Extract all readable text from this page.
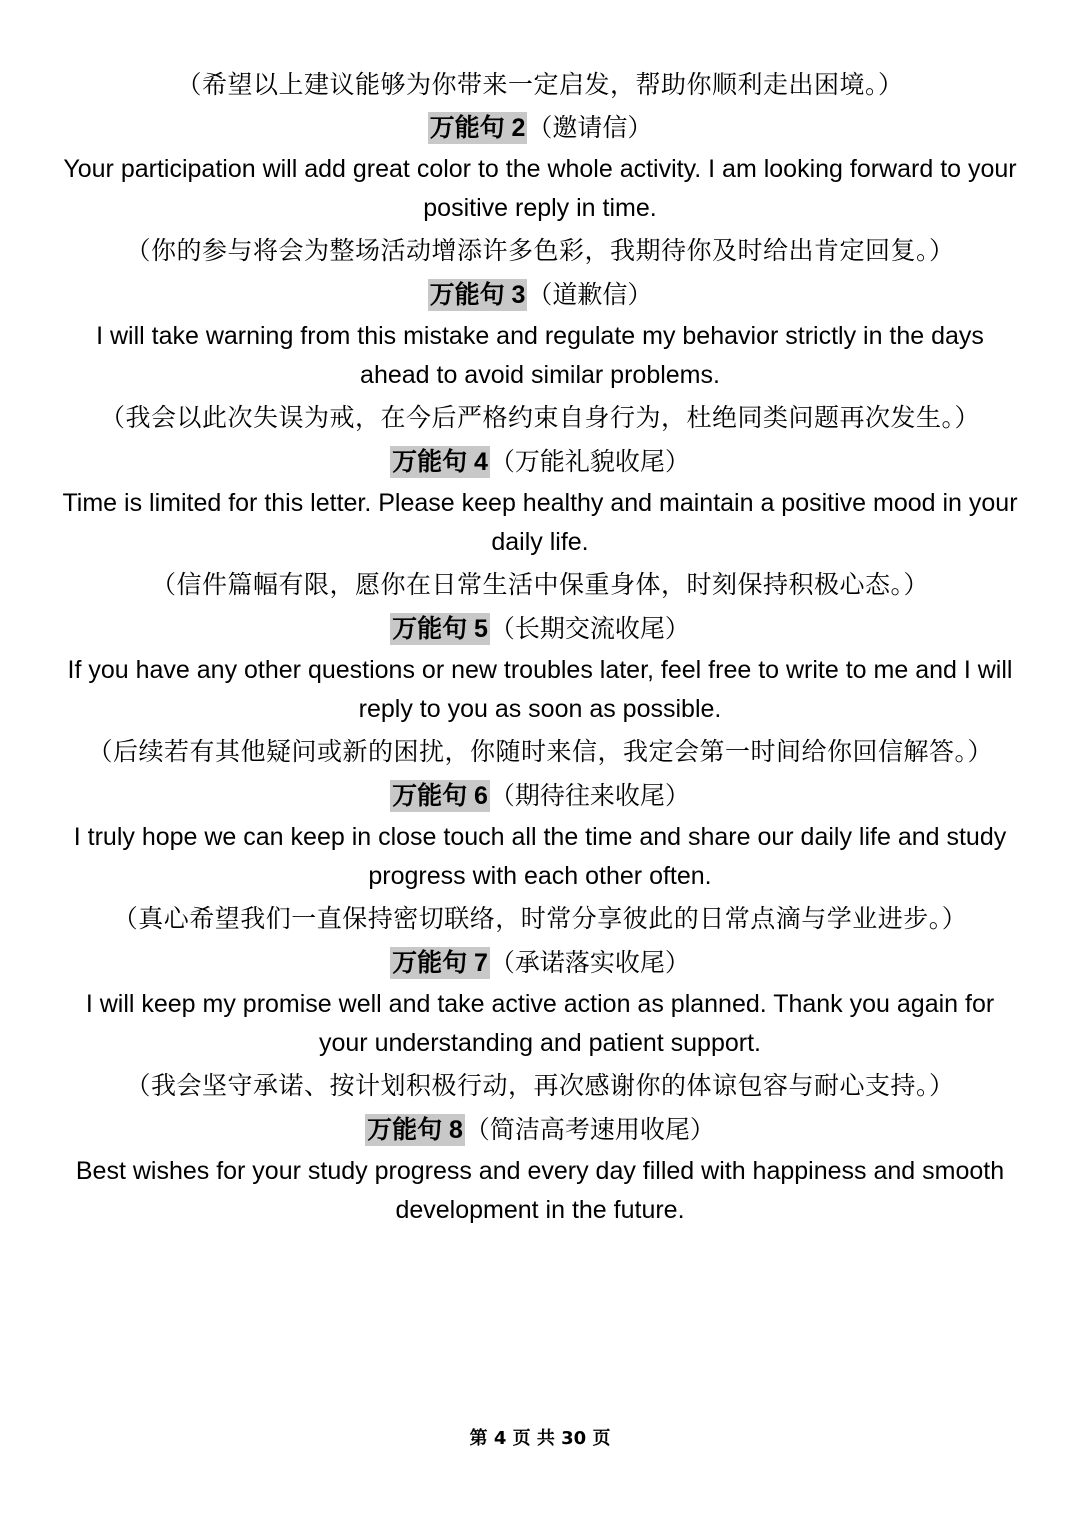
（希望以上建议能够为你带来一定启发，帮助你顺利走出困境。）

万能句 2（邀请信）

Your participation will add great color to the whole activity. I am looking forward to your positive reply in time.

（你的参与将会为整场活动增添许多色彩，我期待你及时给出肯定回复。）

万能句 3（道歉信）

I will take warning from this mistake and regulate my behavior strictly in the days ahead to avoid similar problems.

（我会以此次失误为戒，在今后严格约束自身行为，杜绝同类问题再次发生。）

万能句 4（万能礼貌收尾）

Time is limited for this letter. Please keep healthy and maintain a positive mood in your daily life.

（信件篇幅有限，愿你在日常生活中保重身体，时刻保持积极心态。）

万能句 5（长期交流收尾）

If you have any other questions or new troubles later, feel free to write to me and I will reply to you as soon as possible.

（后续若有其他疑问或新的困扰，你随时来信，我定会第一时间给你回信解答。）

万能句 6（期待往来收尾）

I truly hope we can keep in close touch all the time and share our daily life and study progress with each other often.

（真心希望我们一直保持密切联络，时常分享彼此的日常点滴与学业进步。）

万能句 7（承诺落实收尾）

I will keep my promise well and take active action as planned. Thank you again for your understanding and patient support.

（我会坚守承诺、按计划积极行动，再次感谢你的体谅包容与耐心支持。）

万能句 8（简洁高考速用收尾）

Best wishes for your study progress and every day filled with happiness and smooth development in the future.

第 4 页 共 30 页
